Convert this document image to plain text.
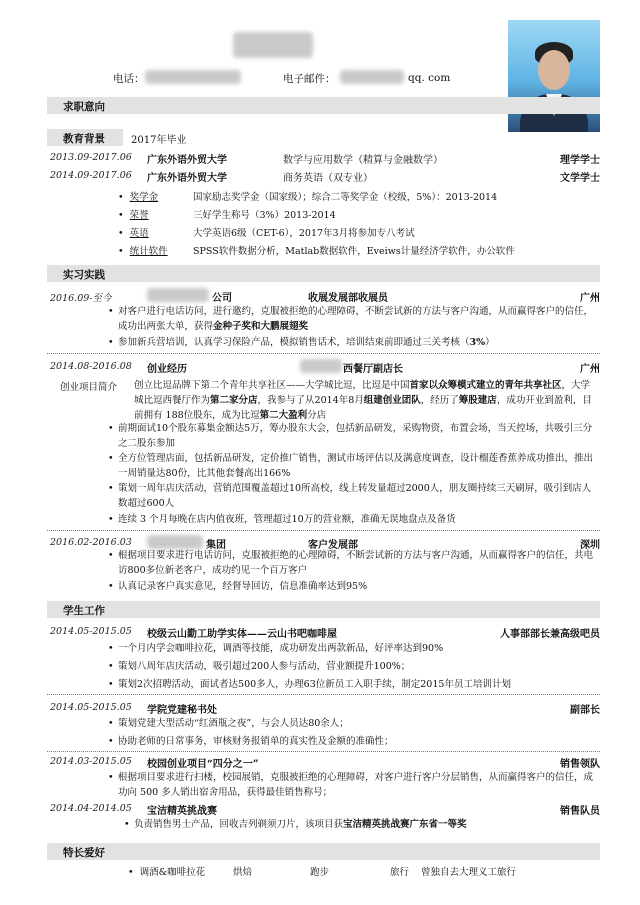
电话：	电子邮件：	qq. com
求职意向
教育背景	2017年毕业
2013.09-2017.06 广东外语外贸大学	数学与应用数学（精算与金融数学）	理学学士
2014.09-2017.06 广东外语外贸大学	商务英语（双专业）	文学学士
•  奖学金	国家励志奖学金（国家级）；综合二等奖学金（校级，5%）：2013-2014
•  荣誉	三好学生称号（3%）2013-2014
•  英语	大学英语6级（CET-6），2017年3月将参加专八考试
•  统计软件	SPSS软件数据分析，Matlab数据软件，Eveiws计量经济学软件，办公软件
实习实践
2016.09-至今	公司	收展发展部收展员	广州
• 对客户进行电话访问，进行邀约，克服被拒绝的心理障碍，不断尝试新的方法与客户沟通，从而赢得客户的信任，成功出两张大单，获得金种子奖和大鹏展翅奖
• 参加新兵营培训，认真学习保险产品，模拟销售话术，培训结束前即通过三关考核（3%）
2014.08-2016.08 创业经历	西餐厅副店长	广州
创业项目简介 创立比逗品牌下第二个青年共享社区——大学城比逗，比逗是中国首家以众筹模式建立的青年共享社区，大学城比逗西餐厅作为第二家分店，我参与了从2014年8月组建创业团队，经历了筹股建店，成功开业到盈利，目前拥有 188位股东，成为比逗第二大盈利分店
• 前期面试10个股东募集金额达5万，筹办股东大会，包括新品研发，采购物资，布置会场，当天控场，共吸引三分之二股东参加
• 全方位管理店面，包括新品研发，定价推广销售，测试市场评估以及满意度调查，设计榴莲香蕉养成功推出，推出一周销量达80份，比其他套餐高出166%
• 策划一周年店庆活动，营销范围覆盖超过10所高校，线上转发量超过2000人，朋友圈持续三天刷屏，吸引到店人数超过600人
• 连续 3 个月每晚在店内值夜班，管理超过10万的营业额，准确无误地盘点及备货
2016.02-2016.03	集团	客户发展部	深圳
• 根据项目要求进行电话访问，克服被拒绝的心理障碍，不断尝试新的方法与客户沟通，从而赢得客户的信任，共电访800多位新老客户，成功约见一个百万客户
• 认真记录客户真实意见，经督导回访，信息准确率达到95%
学生工作
2014.05-2015.05 校级云山勤工助学实体——云山书吧咖啡屋	人事部部长兼高级吧员
• 一个月内学会咖啡拉花，调酒等技能，成功研发出两款新品，好评率达到90%
• 策划八周年店庆活动，吸引超过200人参与活动，营业额提升100%；
• 策划2次招聘活动，面试者达500多人，办理63位新员工入职手续，制定2015年员工培训计划
2014.05-2015.05 学院党建秘书处	副部长
• 策划党建大型活动“红酒瓶之夜”，与会人员达80余人；
• 协助老师的日常事务，审核财务报销单的真实性及金额的准确性；
2014.03-2015.05 校园创业项目“四分之一”	销售领队
• 根据项目要求进行扫楼，校园展销，克服被拒绝的心理障碍，对客户进行客户分层销售，从而赢得客户的信任，成功向 500 多人销出宿舍用品，获得最佳销售称号；
2014.04-2014.05 宝洁精英挑战赛	销售队员
• 负责销售男士产品，回收吉列剃须刀片，该项目获宝洁精英挑战赛广东省一等奖
特长爱好
•  调酒&咖啡拉花	烘焙	跑步	旅行 曾独自去大理义工旅行
